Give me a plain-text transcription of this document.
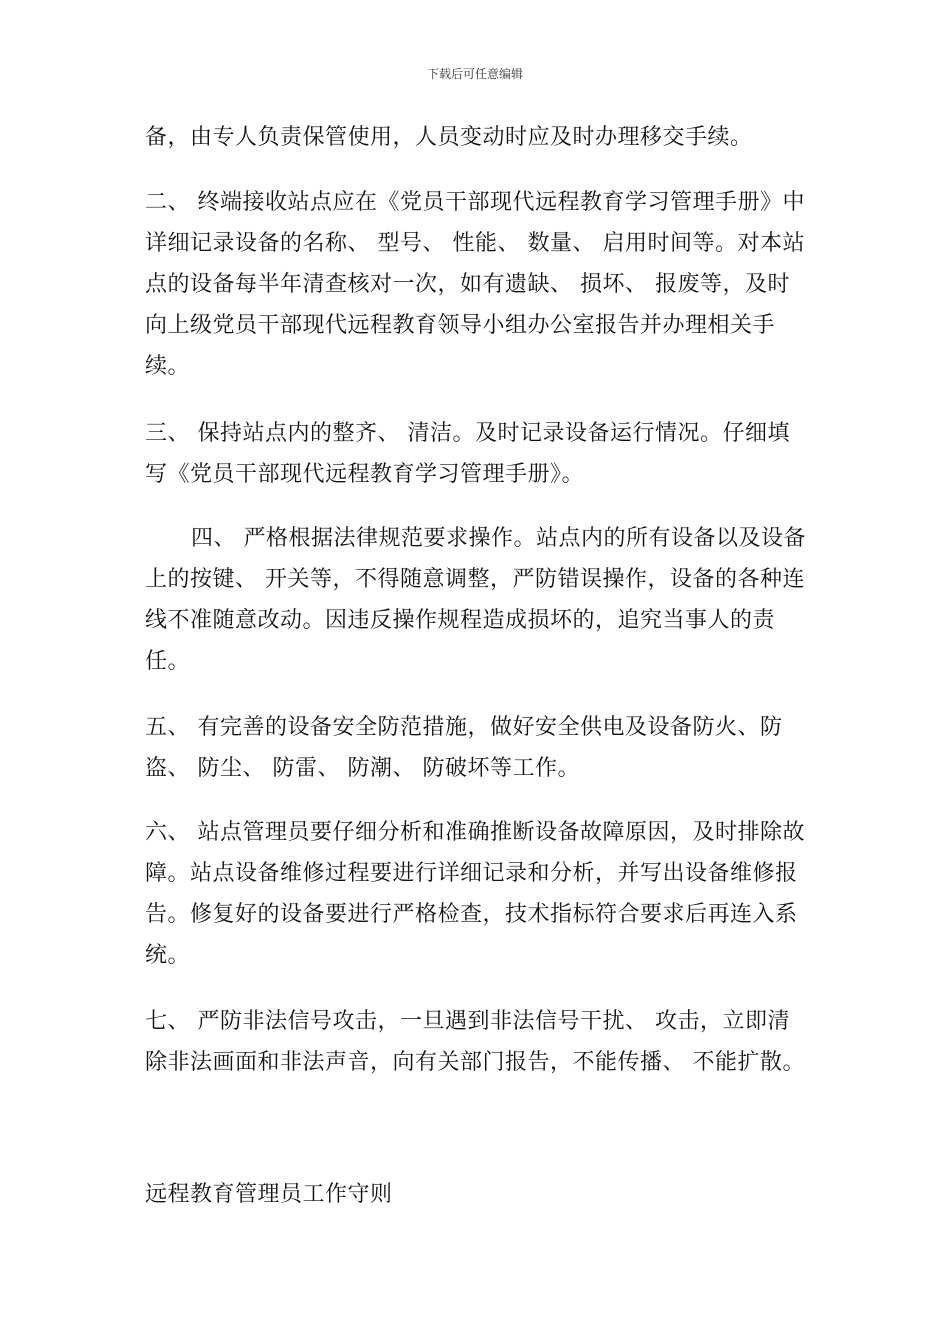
下载后可任意编辑

备，由专人负责保管使用，人员变动时应及时办理移交手续。

二、 终端接收站点应在《党员干部现代远程教育学习管理手册》中详细记录设备的名称、 型号、 性能、 数量、 启用时间等。对本站点的设备每半年清查核对一次，如有遗缺、 损坏、 报废等，及时向上级党员干部现代远程教育领导小组办公室报告并办理相关手续。

三、 保持站点内的整齐、 清洁。及时记录设备运行情况。仔细填写《党员干部现代远程教育学习管理手册》。

四、 严格根据法律规范要求操作。站点内的所有设备以及设备上的按键、 开关等，不得随意调整，严防错误操作，设备的各种连线不准随意改动。因违反操作规程造成损坏的，追究当事人的责任。

五、 有完善的设备安全防范措施，做好安全供电及设备防火、防盗、 防尘、 防雷、 防潮、 防破坏等工作。

六、 站点管理员要仔细分析和准确推断设备故障原因，及时排除故障。站点设备维修过程要进行详细记录和分析，并写出设备维修报告。修复好的设备要进行严格检查，技术指标符合要求后再连入系统。

七、 严防非法信号攻击，一旦遇到非法信号干扰、 攻击，立即清除非法画面和非法声音，向有关部门报告，不能传播、 不能扩散。

远程教育管理员工作守则
